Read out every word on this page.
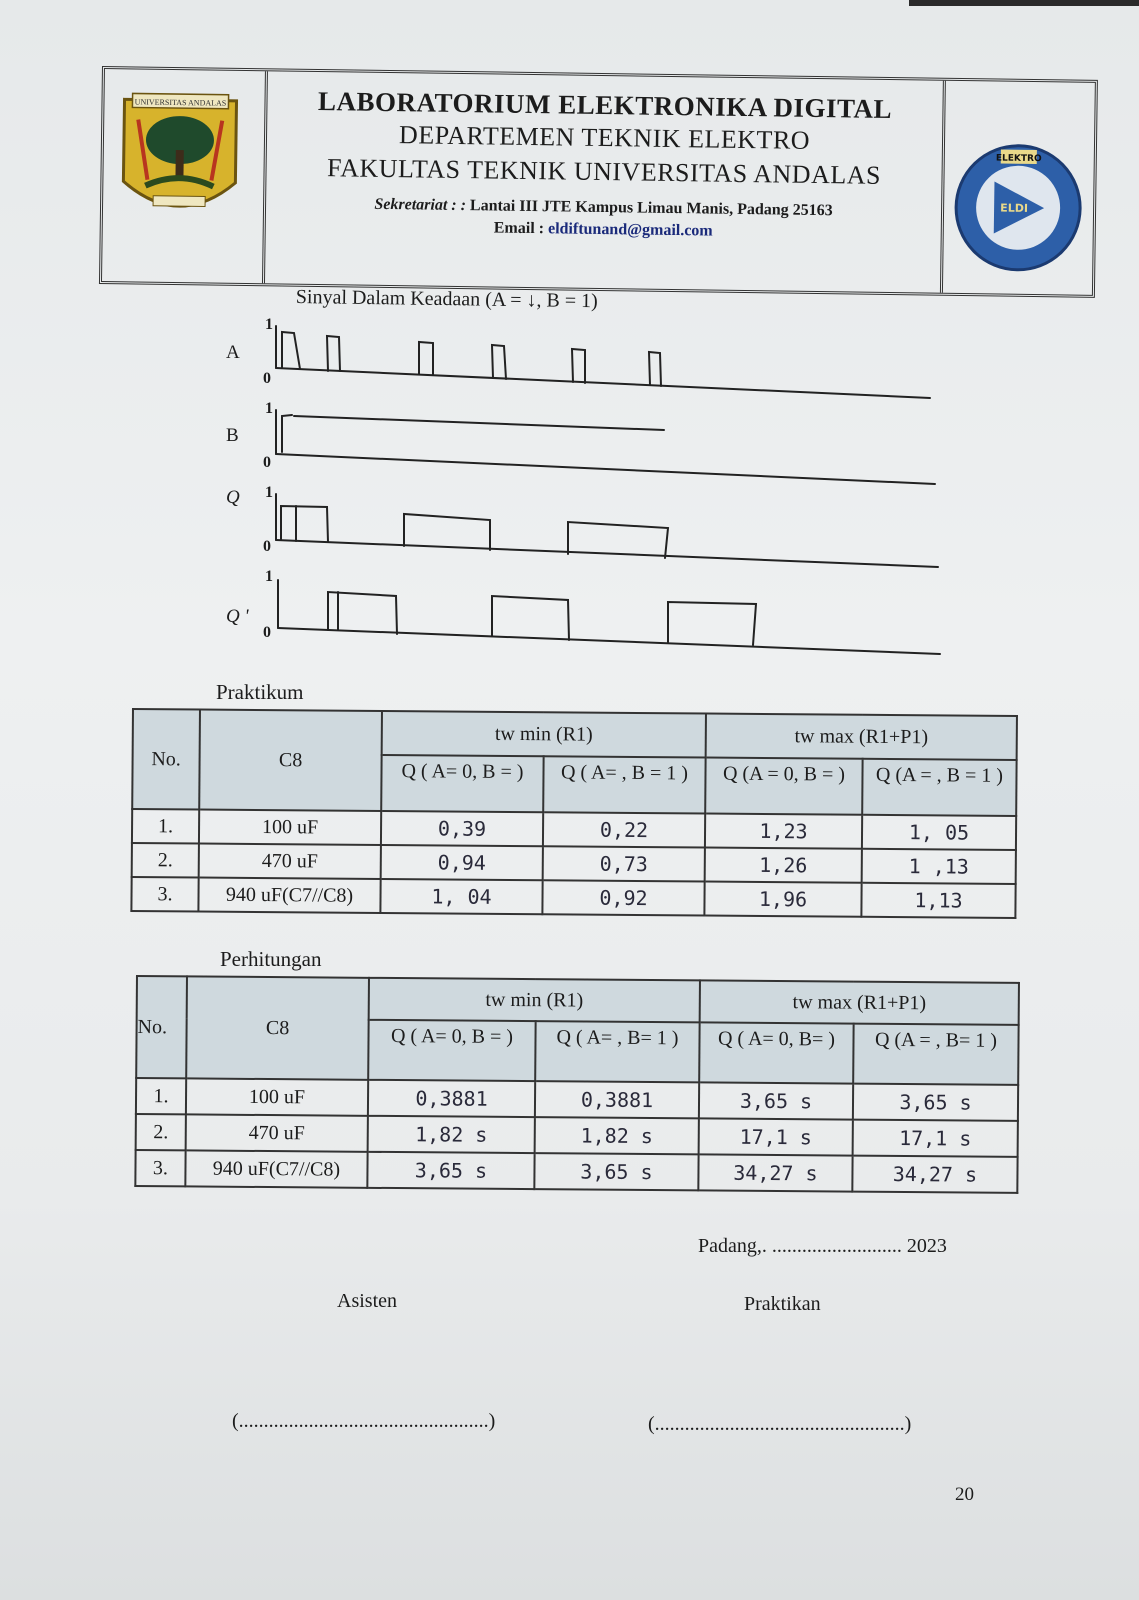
UNIVERSITAS ANDALAS	LABORATORIUM ELEKTRONIKA DIGITAL
DEPARTEMEN TEKNIK ELEKTRO
FAKULTAS TEKNIK UNIVERSITAS ANDALAS
Sekretariat : : Lantai III JTE Kampus Limau Manis, Padang 25163
Email : eldiftunand@gmail.com
ELEKTRO
ELDI
Sinyal Dalam Keadaan (A = ↓, B = 1)
A
B
Q
Q '
1
0
1
0
1
0
1
0
Praktikum
No.	C8	tw min (R1)		tw max (R1+P1)	
		Q ( A= 0, B = )	Q ( A= , B = 1 )	Q (A = 0, B = )	Q (A = , B = 1 )
1.	100 uF	0,39	0,22	1,23	1, 05
2.	470 uF	0,94	0,73	1,26	1 ,13
3.	940 uF(C7//C8)	1, 04	0,92	1,96	1,13
Perhitungan
No.	C8	tw min (R1)		tw max (R1+P1)	
		Q ( A= 0, B = )	Q ( A= , B= 1 )	Q ( A= 0, B= )	Q (A = , B= 1 )
1.	100 uF	0,3881	0,3881	3,65 s	3,65 s
2.	470 uF	1,82 s	1,82 s	17,1 s	17,1 s
3.	940 uF(C7//C8)	3,65 s	3,65 s	34,27 s	34,27 s
Padang,. .......................... 2023
Asisten	Praktikan
(..................................................)	(..................................................)
20
